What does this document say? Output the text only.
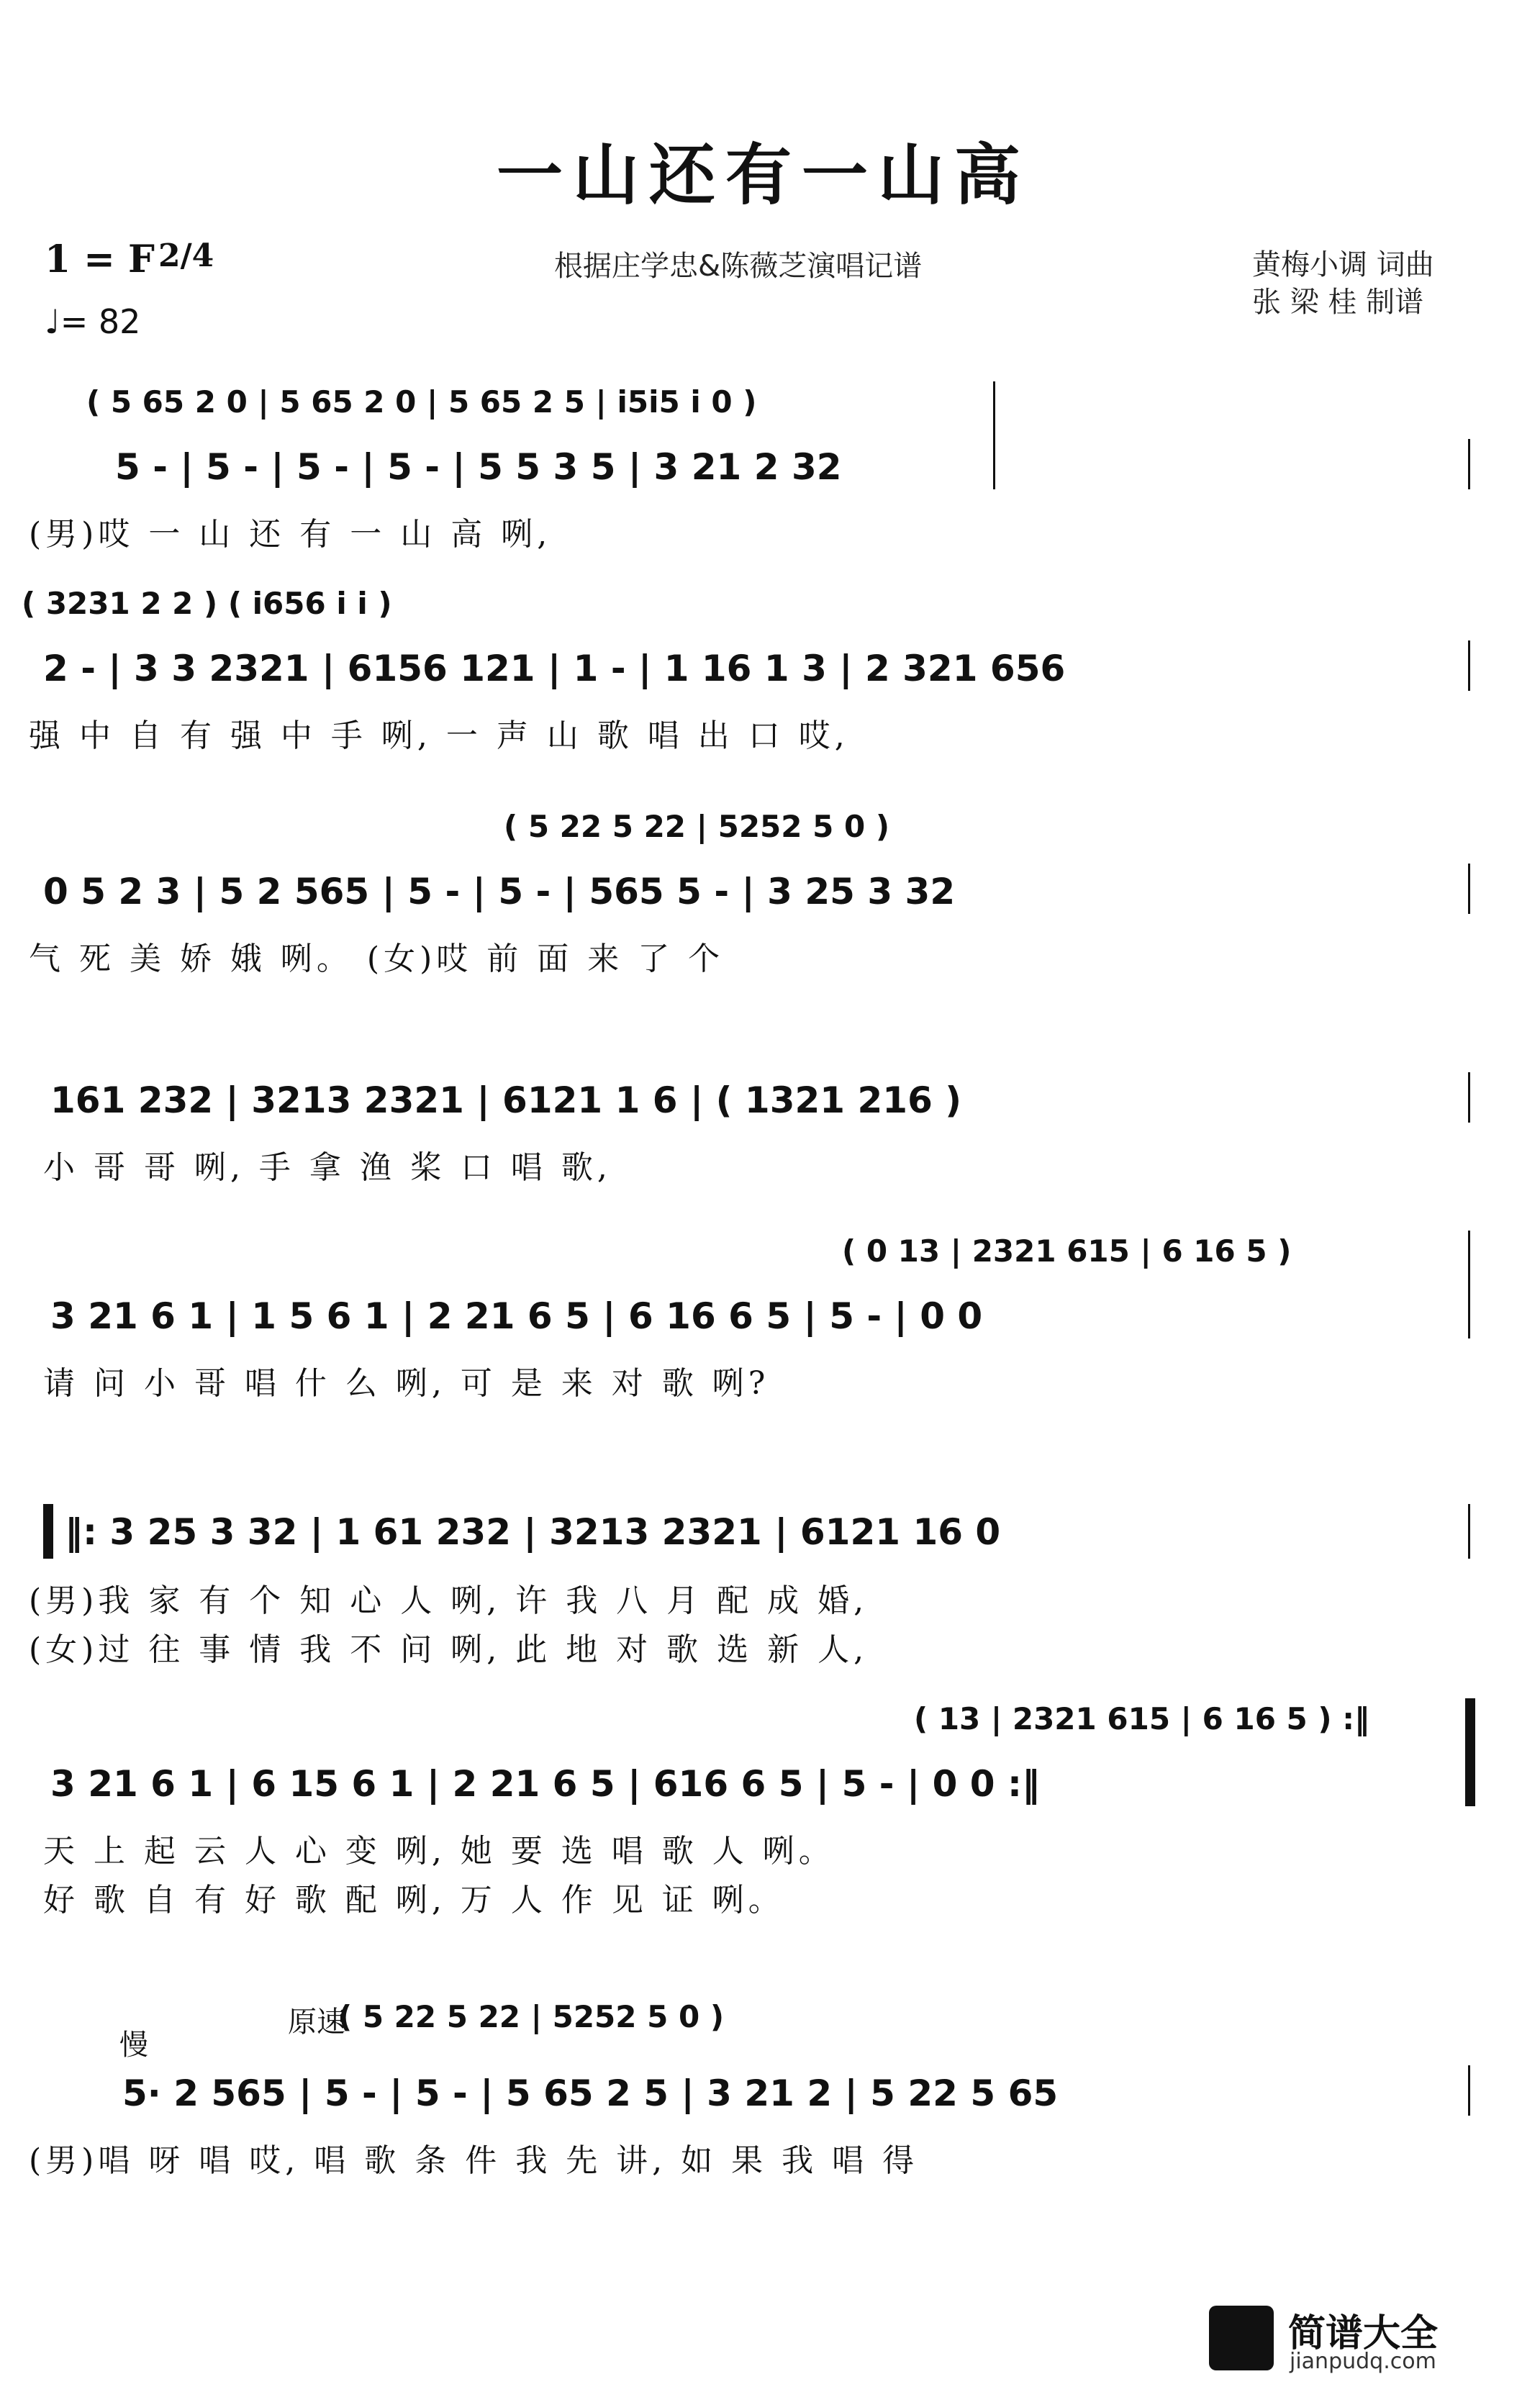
一山还有一山高
1 = F 2/4
♩= 82
根据庄学忠&陈薇芝演唱记谱	黄梅小调 词曲
张 梁 桂 制谱
( 5 65 2 0 | 5 65 2 0 | 5 65 2 5 | i5i5 i 0 )
5 - | 5 - | 5 - | 5 - | 5 5 3 5 | 3 21 2 32
(男)哎 一 山 还 有 一 山 高 咧,
( 3231 2 2 ) ( i656 i i )
2 - | 3 3 2321 | 6156 121 | 1 - | 1 16 1 3 | 2 321 656
强 中 自 有 强 中 手 咧, 一 声 山 歌 唱 出 口 哎,
( 5 22 5 22 | 5252 5 0 )
0 5 2 3 | 5 2 565 | 5 - | 5 - | 565 5 - | 3 25 3 32
气 死 美 娇 娥 咧。 (女)哎 前 面 来 了 个
161 232 | 3213 2321 | 6121 1 6 | ( 1321 216 )
小 哥 哥 咧, 手 拿 渔 桨 口 唱 歌,
( 0 13 | 2321 615 | 6 16 5 )
3 21 6 1 | 1 5 6 1 | 2 21 6 5 | 6 16 6 5 | 5 - | 0 0
请 问 小 哥 唱 什 么 咧, 可 是 来 对 歌 咧?
‖: 3 25 3 32 | 1 61 232 | 3213 2321 | 6121 16 0
(男)我 家 有 个 知 心 人 咧, 许 我 八 月 配 成 婚,
(女)过 往 事 情 我 不 问 咧, 此 地 对 歌 选 新 人,
( 13 | 2321 615 | 6 16 5 ) :‖
3 21 6 1 | 6 15 6 1 | 2 21 6 5 | 616 6 5 | 5 - | 0 0 :‖
天 上 起 云 人 心 变 咧, 她 要 选 唱 歌 人 咧。
好 歌 自 有 好 歌 配 咧, 万 人 作 见 证 咧。
慢
原速
( 5 22 5 22 | 5252 5 0 )
5· 2 565 | 5 - | 5 - | 5 65 2 5 | 3 21 2 | 5 22 5 65
(男)唱 呀 唱 哎, 唱 歌 条 件 我 先 讲, 如 果 我 唱 得
简谱大全
jianpudq.com
